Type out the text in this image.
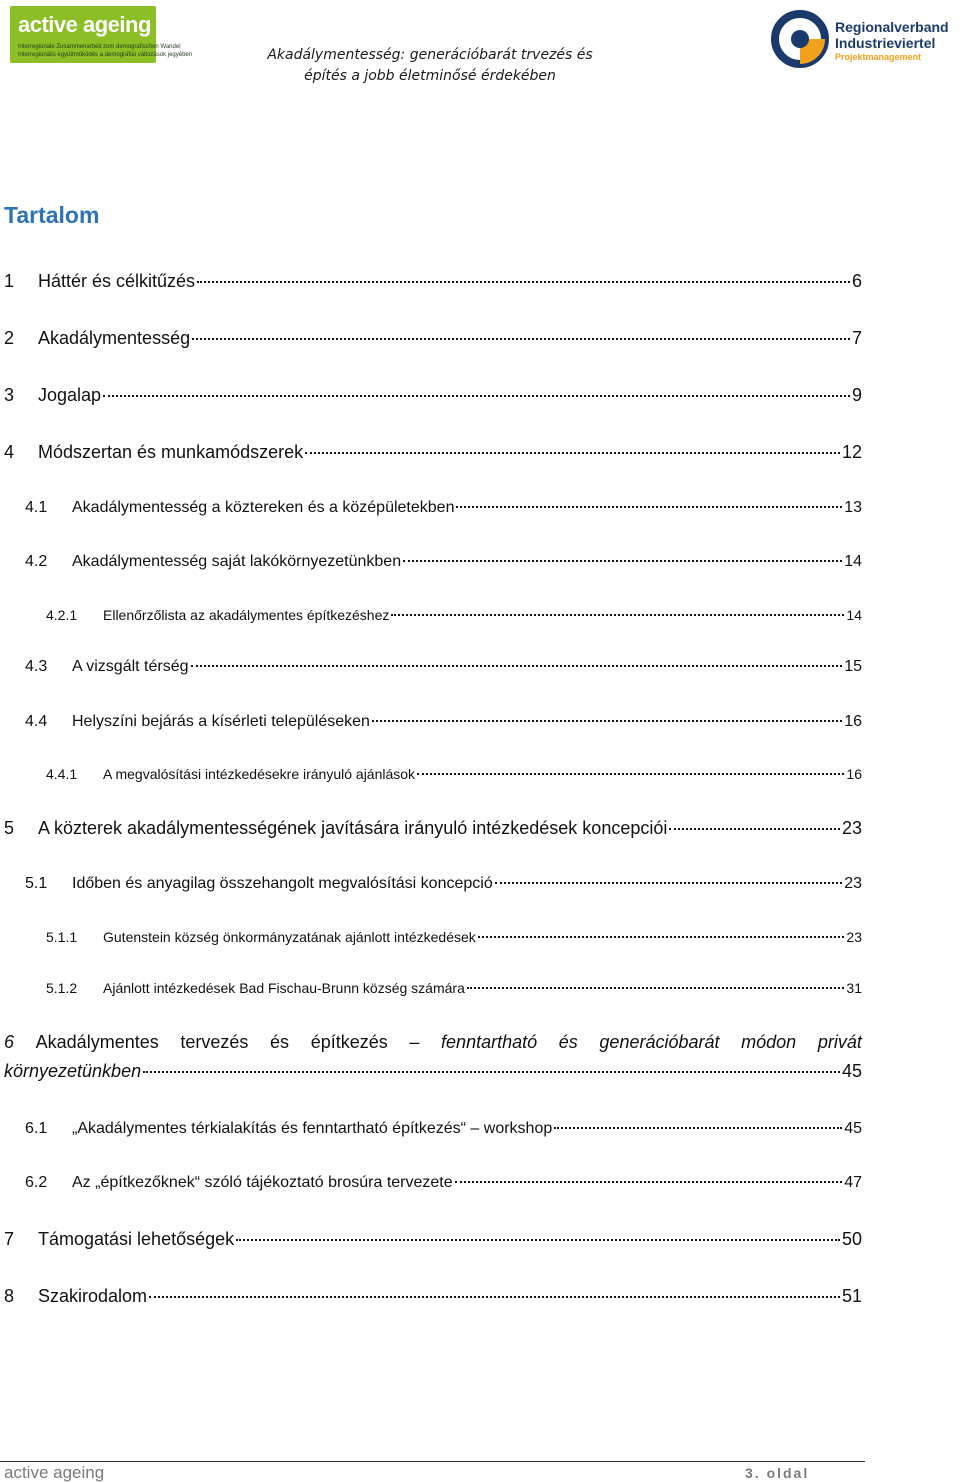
active ageing
Interregionale Zusammenarbeit zum demografischen Wandel
Interregionális együttműködés a demográfiai változások jegyében
Regionalverband
Industrieviertel
Projektmanagement
Akadálymentesség: generációbarát trvezés és
építés a jobb életminősé érdekében
Tartalom
1	Háttér és célkitűzés	6
2	Akadálymentesség	7
3	Jogalap	9
4	Módszertan és munkamódszerek	12
4.1	Akadálymentesség a köztereken és a középületekben	13
4.2	Akadálymentesség saját lakókörnyezetünkben	14
4.2.1	Ellenőrzőlista az akadálymentes építkezéshez	14
4.3	A vizsgált térség	15
4.4	Helyszíni bejárás a kísérleti településeken	16
4.4.1	A megvalósítási intézkedésekre irányuló ajánlások	16
5	A közterek akadálymentességének javítására irányuló intézkedések koncepciói	23
5.1	Időben és anyagilag összehangolt megvalósítási koncepció	23
5.1.1	Gutenstein község önkormányzatának ajánlott intézkedések	23
5.1.2	Ajánlott intézkedések Bad Fischau-Brunn község számára	31
6 Akadálymentes tervezés és építkezés – fenntartható és generációbarát módon privát
környezetünkben	45
6.1	„Akadálymentes térkialakítás és fenntartható építkezés“ – workshop	45
6.2	Az „építkezőknek“ szóló tájékoztató brosúra tervezete	47
7	Támogatási lehetőségek	50
8	Szakirodalom	51
active ageing	3. oldal
